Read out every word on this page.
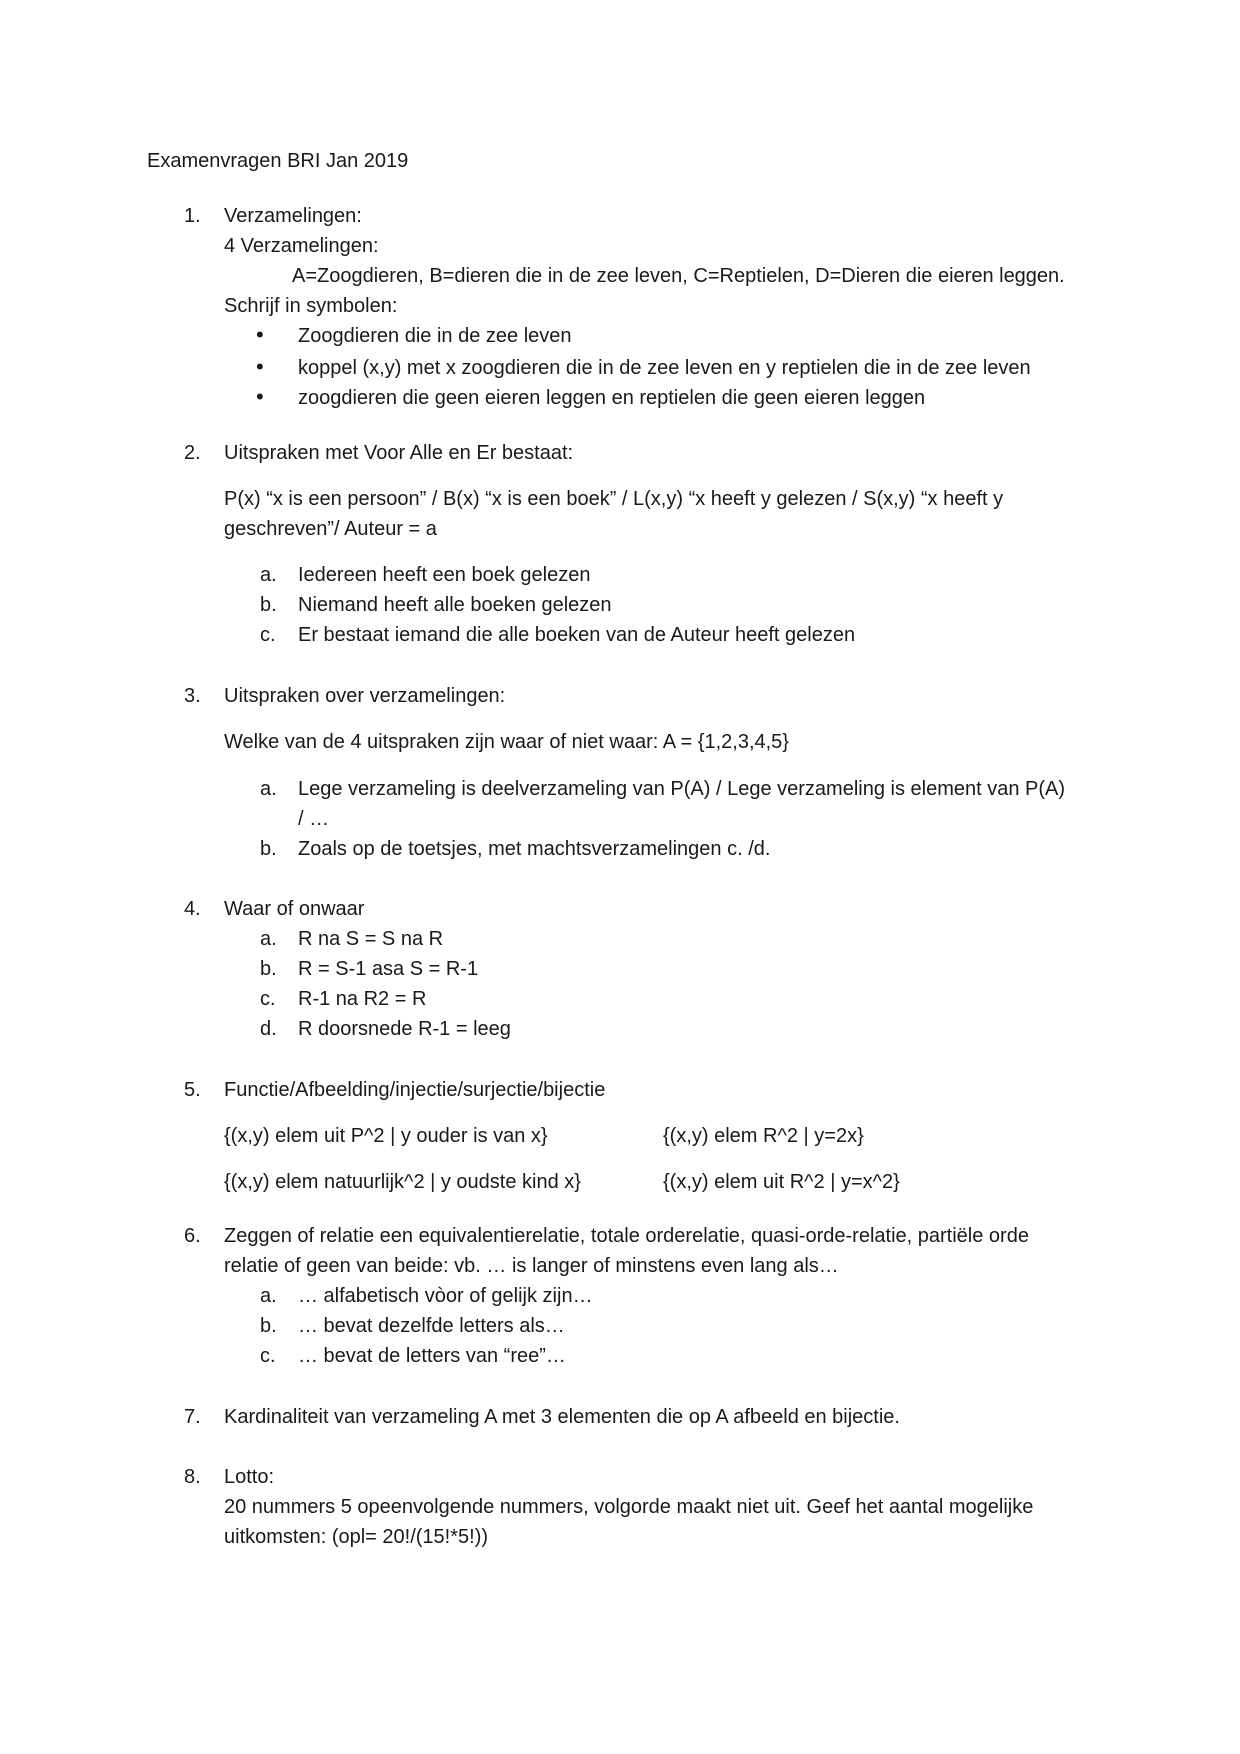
Examenvragen BRI Jan 2019
1. Verzamelingen:
4 Verzamelingen:
A=Zoogdieren, B=dieren die in de zee leven, C=Reptielen, D=Dieren die eieren leggen.
Schrijf in symbolen:
• Zoogdieren die in de zee leven
• koppel (x,y) met x zoogdieren die in de zee leven en y reptielen die in de zee leven
• zoogdieren die geen eieren leggen en reptielen die geen eieren leggen
2. Uitspraken met Voor Alle en Er bestaat:
P(x) “x is een persoon” / B(x) “x is een boek” / L(x,y) “x heeft y gelezen / S(x,y) “x heeft y
geschreven”/ Auteur = a
a. Iedereen heeft een boek gelezen
b. Niemand heeft alle boeken gelezen
c. Er bestaat iemand die alle boeken van de Auteur heeft gelezen
3. Uitspraken over verzamelingen:
Welke van de 4 uitspraken zijn waar of niet waar: A = {1,2,3,4,5}
a. Lege verzameling is deelverzameling van P(A) / Lege verzameling is element van P(A)
/ …
b. Zoals op de toetsjes, met machtsverzamelingen c. /d.
4. Waar of onwaar
a. R na S = S na R
b. R = S-1 asa S = R-1
c. R-1 na R2 = R
d. R doorsnede R-1 = leeg
5. Functie/Afbeelding/injectie/surjectie/bijectie
{(x,y) elem uit P^2 | y ouder is van x}	{(x,y) elem R^2 | y=2x}
{(x,y) elem natuurlijk^2 | y oudste kind x}	{(x,y) elem uit R^2 | y=x^2}
6. Zeggen of relatie een equivalentierelatie, totale orderelatie, quasi-orde-relatie, partiële orde
relatie of geen van beide: vb. … is langer of minstens even lang als…
a. … alfabetisch vòor of gelijk zijn…
b. … bevat dezelfde letters als…
c. … bevat de letters van “ree”…
7. Kardinaliteit van verzameling A met 3 elementen die op A afbeeld en bijectie.
8. Lotto:
20 nummers 5 opeenvolgende nummers, volgorde maakt niet uit. Geef het aantal mogelijke
uitkomsten: (opl= 20!/(15!*5!))
